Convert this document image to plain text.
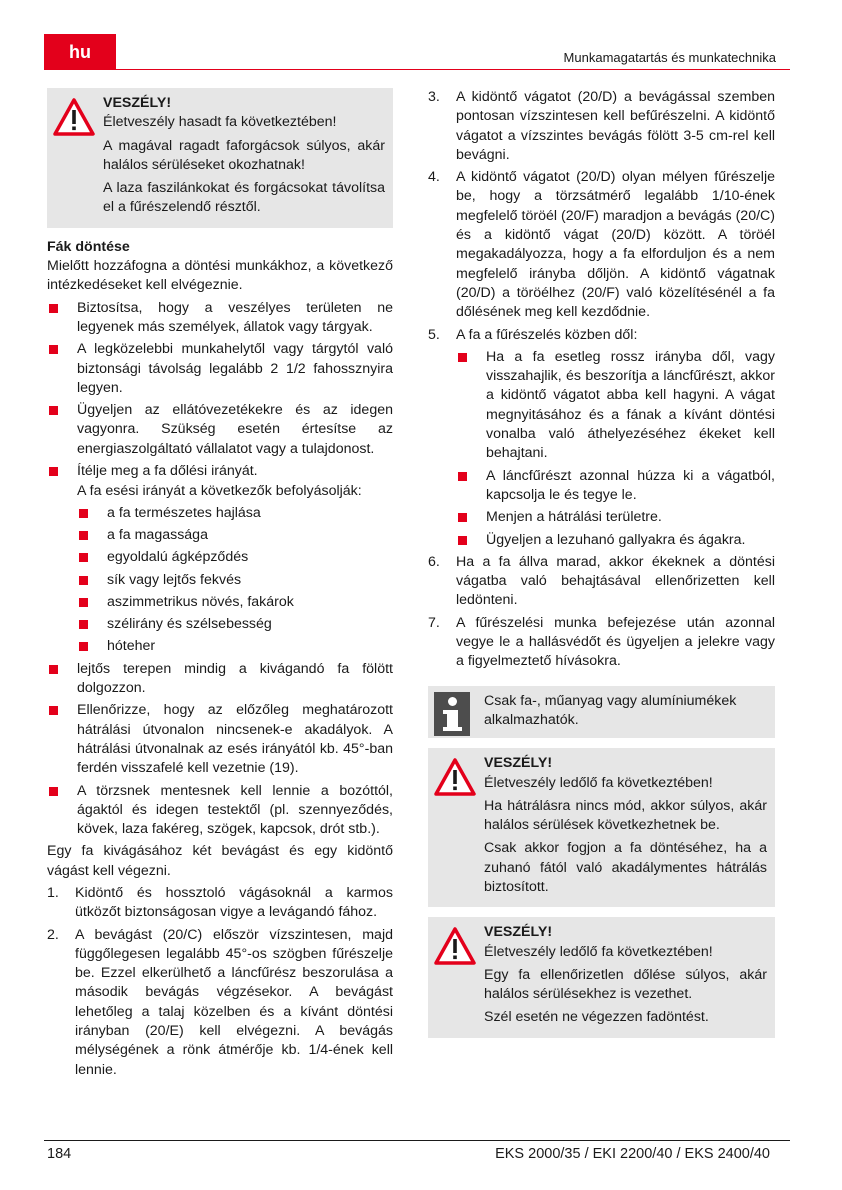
hu	Munkamagatartás és munkatechnika
VESZÉLY!

Életveszély hasadt fa következtében!

A magával ragadt faforgácsok súlyos, akár halálos sérüléseket okozhatnak!

A laza faszilánkokat és forgácsokat távolítsa el a fűrészelendő résztől.

Fák döntése

Mielőtt hozzáfogna a döntési munkákhoz, a következő intézkedéseket kell elvégeznie.

Biztosítsa, hogy a veszélyes területen ne legyenek más személyek, állatok vagy tárgyak.
A legközelebbi munkahelytől vagy tárgytól való biztonsági távolság legalább 2 1/2 fahossznyira legyen.
Ügyeljen az ellátóvezetékekre és az idegen vagyonra. Szükség esetén értesítse az energiaszolgáltató vállalatot vagy a tulajdonost.
Ítélje meg a fa dőlési irányát.
A fa esési irányát a következők befolyásolják:
a fa természetes hajlása
a fa magassága
egyoldalú ágképződés
sík vagy lejtős fekvés
aszimmetrikus növés, fakárok
szélirány és szélsebesség
hóteher
lejtős terepen mindig a kivágandó fa fölött dolgozzon.
Ellenőrizze, hogy az előzőleg meghatározott hátrálási útvonalon nincsenek-e akadályok. A hátrálási útvonalnak az esés irányától kb. 45°-ban ferdén visszafelé kell vezetnie (19).
A törzsnek mentesnek kell lennie a bozóttól, ágaktól és idegen testektől (pl. szennyeződés, kövek, laza fakéreg, szögek, kapcsok, drót stb.).

Egy fa kivágásához két bevágást és egy kidöntő vágást kell végezni.

1. Kidöntő és hossztoló vágásoknál a karmos ütközőt biztonságosan vigye a levágandó fához.
2. A bevágást (20/C) először vízszintesen, majd függőlegesen legalább 45°-os szögben fűrészelje be. Ezzel elkerülhető a láncfűrész beszorulása a második bevágás végzésekor. A bevágást lehetőleg a talaj közelben és a kívánt döntési irányban (20/E) kell elvégezni. A bevágás mélységének a rönk átmérője kb. 1/4-ének kell lennie.
3. A kidöntő vágatot (20/D) a bevágással szemben pontosan vízszintesen kell befűrészelni. A kidöntő vágatot a vízszintes bevágás fölött 3-5 cm-rel kell bevágni.
4. A kidöntő vágatot (20/D) olyan mélyen fűrészelje be, hogy a törzsátmérő legalább 1/10-ének megfelelő töröél (20/F) maradjon a bevágás (20/C) és a kidöntő vágat (20/D) között. A töröél megakadályozza, hogy a fa elforduljon és a nem megfelelő irányba dőljön. A kidöntő vágatnak (20/D) a töröélhez (20/F) való közelítésénél a fa dőlésének meg kell kezdődnie.
5. A fa a fűrészelés közben dől:
Ha a fa esetleg rossz irányba dől, vagy visszahajlik, és beszorítja a láncfűrészt, akkor a kidöntő vágatot abba kell hagyni. A vágat megnyitásához és a fának a kívánt döntési vonalba való áthelyezéséhez ékeket kell behajtani.
A láncfűrészt azonnal húzza ki a vágatból, kapcsolja le és tegye le.
Menjen a hátrálási területre.
Ügyeljen a lezuhanó gallyakra és ágakra.
6. Ha a fa állva marad, akkor ékeknek a döntési vágatba való behajtásával ellenőrizetten kell ledönteni.
7. A fűrészelési munka befejezése után azonnal vegye le a hallásvédőt és ügyeljen a jelekre vagy a figyelmeztető hívásokra.

Csak fa-, műanyag vagy alumíniumékek alkalmazhatók.

VESZÉLY!

Életveszély ledőlő fa következtében!

Ha hátrálásra nincs mód, akkor súlyos, akár halálos sérülések következhetnek be.

Csak akkor fogjon a fa döntéséhez, ha a zuhanó fától való akadálymentes hátrálás biztosított.

VESZÉLY!

Életveszély ledőlő fa következtében!

Egy fa ellenőrizetlen dőlése súlyos, akár halálos sérülésekhez is vezethet.

Szél esetén ne végezzen fadöntést.

184	EKS 2000/35 / EKI 2200/40 / EKS 2400/40
